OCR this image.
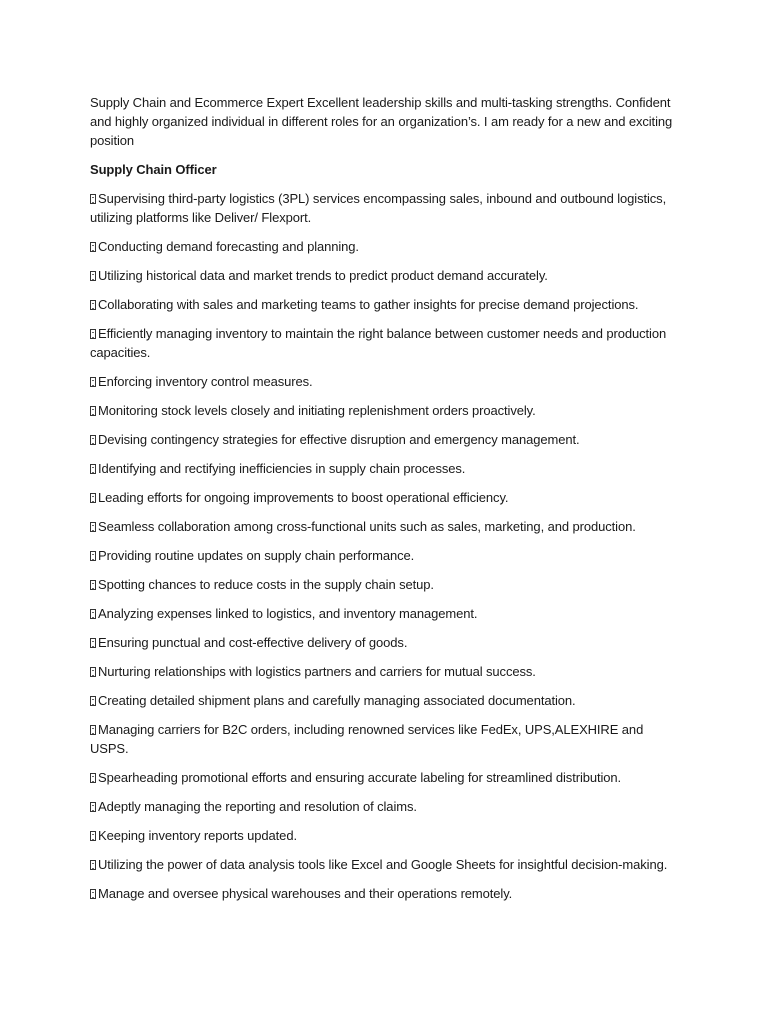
Supply Chain and Ecommerce Expert Excellent leadership skills and multi-tasking strengths. Confident and highly organized individual in different roles for an organization’s. I am ready for a new and exciting position

Supply Chain Officer

Supervising third-party logistics (3PL) services encompassing sales, inbound and outbound logistics, utilizing platforms like Deliver/ Flexport.
Conducting demand forecasting and planning.
Utilizing historical data and market trends to predict product demand accurately.
Collaborating with sales and marketing teams to gather insights for precise demand projections.
Efficiently managing inventory to maintain the right balance between customer needs and production capacities.
Enforcing inventory control measures.
Monitoring stock levels closely and initiating replenishment orders proactively.
Devising contingency strategies for effective disruption and emergency management.
Identifying and rectifying inefficiencies in supply chain processes.
Leading efforts for ongoing improvements to boost operational efficiency.
Seamless collaboration among cross-functional units such as sales, marketing, and production.
Providing routine updates on supply chain performance.
Spotting chances to reduce costs in the supply chain setup.
Analyzing expenses linked to logistics, and inventory management.
Ensuring punctual and cost-effective delivery of goods.
Nurturing relationships with logistics partners and carriers for mutual success.
Creating detailed shipment plans and carefully managing associated documentation.
Managing carriers for B2C orders, including renowned services like FedEx, UPS,ALEXHIRE and USPS.
Spearheading promotional efforts and ensuring accurate labeling for streamlined distribution.
Adeptly managing the reporting and resolution of claims.
Keeping inventory reports updated.
Utilizing the power of data analysis tools like Excel and Google Sheets for insightful decision-making.
Manage and oversee physical warehouses and their operations remotely.
